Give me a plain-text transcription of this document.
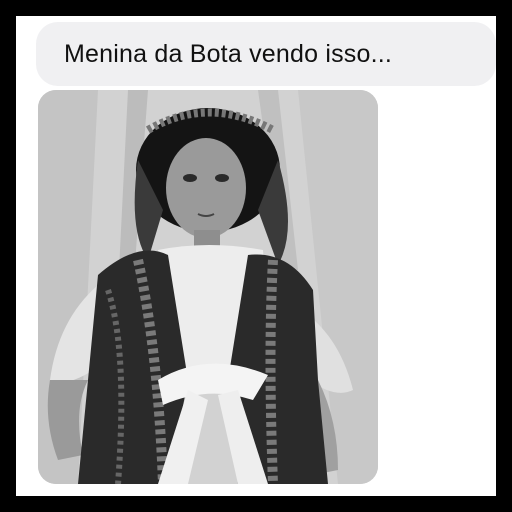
Menina da Bota vendo isso...
